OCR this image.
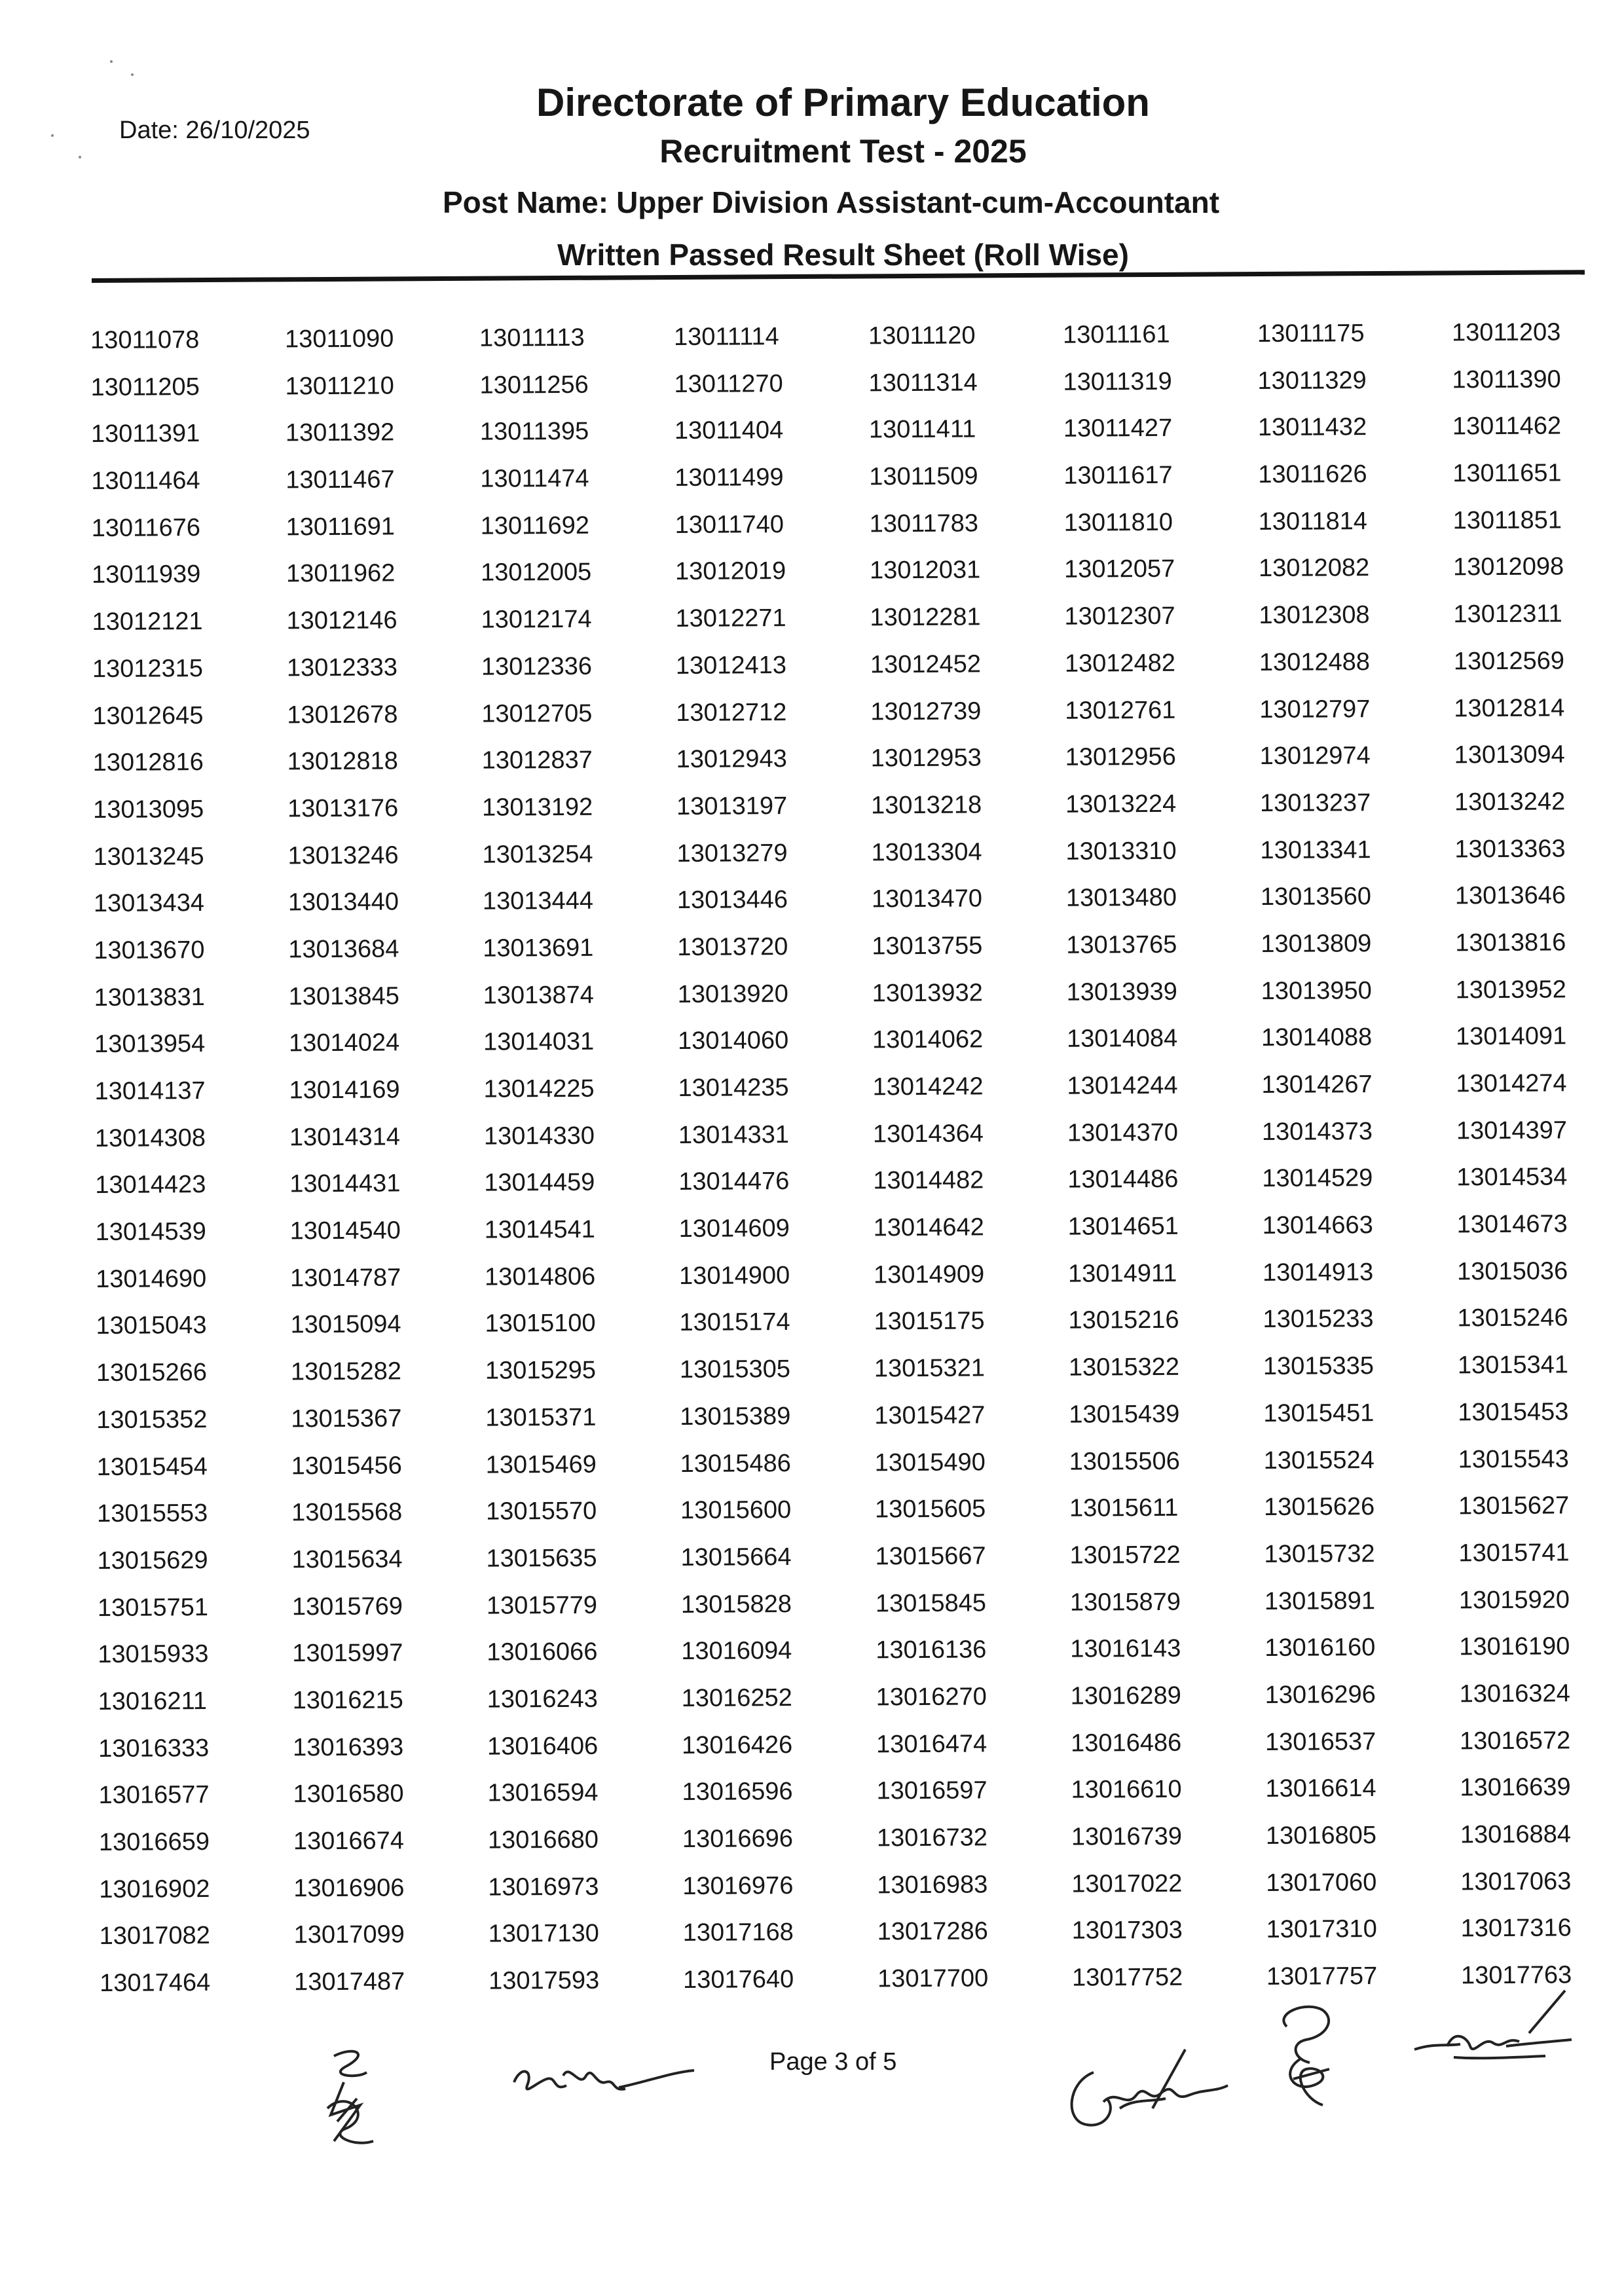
Date: 26/10/2025
Directorate of Primary Education
Recruitment Test - 2025
Post Name: Upper Division Assistant-cum-Accountant
Written Passed Result Sheet (Roll Wise)
13011078	13011090	13011113	13011114	13011120	13011161	13011175	13011203
13011205	13011210	13011256	13011270	13011314	13011319	13011329	13011390
13011391	13011392	13011395	13011404	13011411	13011427	13011432	13011462
13011464	13011467	13011474	13011499	13011509	13011617	13011626	13011651
13011676	13011691	13011692	13011740	13011783	13011810	13011814	13011851
13011939	13011962	13012005	13012019	13012031	13012057	13012082	13012098
13012121	13012146	13012174	13012271	13012281	13012307	13012308	13012311
13012315	13012333	13012336	13012413	13012452	13012482	13012488	13012569
13012645	13012678	13012705	13012712	13012739	13012761	13012797	13012814
13012816	13012818	13012837	13012943	13012953	13012956	13012974	13013094
13013095	13013176	13013192	13013197	13013218	13013224	13013237	13013242
13013245	13013246	13013254	13013279	13013304	13013310	13013341	13013363
13013434	13013440	13013444	13013446	13013470	13013480	13013560	13013646
13013670	13013684	13013691	13013720	13013755	13013765	13013809	13013816
13013831	13013845	13013874	13013920	13013932	13013939	13013950	13013952
13013954	13014024	13014031	13014060	13014062	13014084	13014088	13014091
13014137	13014169	13014225	13014235	13014242	13014244	13014267	13014274
13014308	13014314	13014330	13014331	13014364	13014370	13014373	13014397
13014423	13014431	13014459	13014476	13014482	13014486	13014529	13014534
13014539	13014540	13014541	13014609	13014642	13014651	13014663	13014673
13014690	13014787	13014806	13014900	13014909	13014911	13014913	13015036
13015043	13015094	13015100	13015174	13015175	13015216	13015233	13015246
13015266	13015282	13015295	13015305	13015321	13015322	13015335	13015341
13015352	13015367	13015371	13015389	13015427	13015439	13015451	13015453
13015454	13015456	13015469	13015486	13015490	13015506	13015524	13015543
13015553	13015568	13015570	13015600	13015605	13015611	13015626	13015627
13015629	13015634	13015635	13015664	13015667	13015722	13015732	13015741
13015751	13015769	13015779	13015828	13015845	13015879	13015891	13015920
13015933	13015997	13016066	13016094	13016136	13016143	13016160	13016190
13016211	13016215	13016243	13016252	13016270	13016289	13016296	13016324
13016333	13016393	13016406	13016426	13016474	13016486	13016537	13016572
13016577	13016580	13016594	13016596	13016597	13016610	13016614	13016639
13016659	13016674	13016680	13016696	13016732	13016739	13016805	13016884
13016902	13016906	13016973	13016976	13016983	13017022	13017060	13017063
13017082	13017099	13017130	13017168	13017286	13017303	13017310	13017316
13017464	13017487	13017593	13017640	13017700	13017752	13017757	13017763
Page 3 of 5
